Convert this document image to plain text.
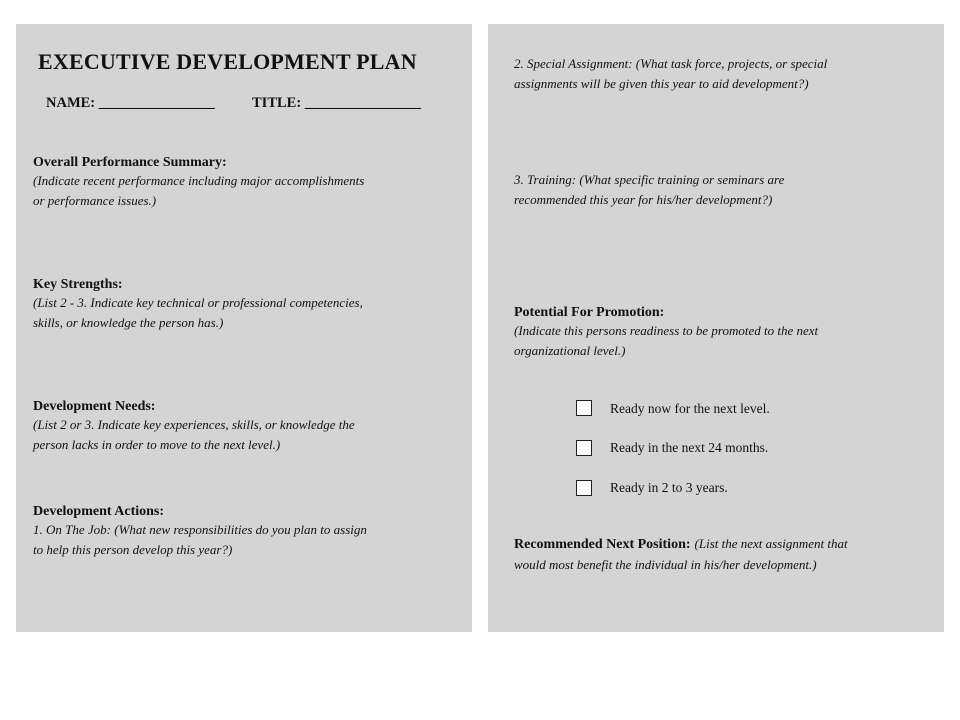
EXECUTIVE DEVELOPMENT PLAN
NAME: ________________	TITLE: ________________
Overall Performance Summary:
(Indicate recent performance including major accomplishments
or performance issues.)
Key Strengths:
(List 2 - 3. Indicate key technical or professional competencies,
skills, or knowledge the person has.)
Development Needs:
(List 2 or 3. Indicate key experiences, skills, or knowledge the
person lacks in order to move to the next level.)
Development Actions:
1. On The Job: (What new responsibilities do you plan to assign
to help this person develop this year?)
2. Special Assignment: (What task force, projects, or special
assignments will be given this year to aid development?)
3. Training: (What specific training or seminars are
recommended this year for his/her development?)
Potential For Promotion:
(Indicate this persons readiness to be promoted to the next
organizational level.)
Ready now for the next level.
Ready in the next 24 months.
Ready in 2 to 3 years.
Recommended Next Position: (List the next assignment that
would most benefit the individual in his/her development.)
